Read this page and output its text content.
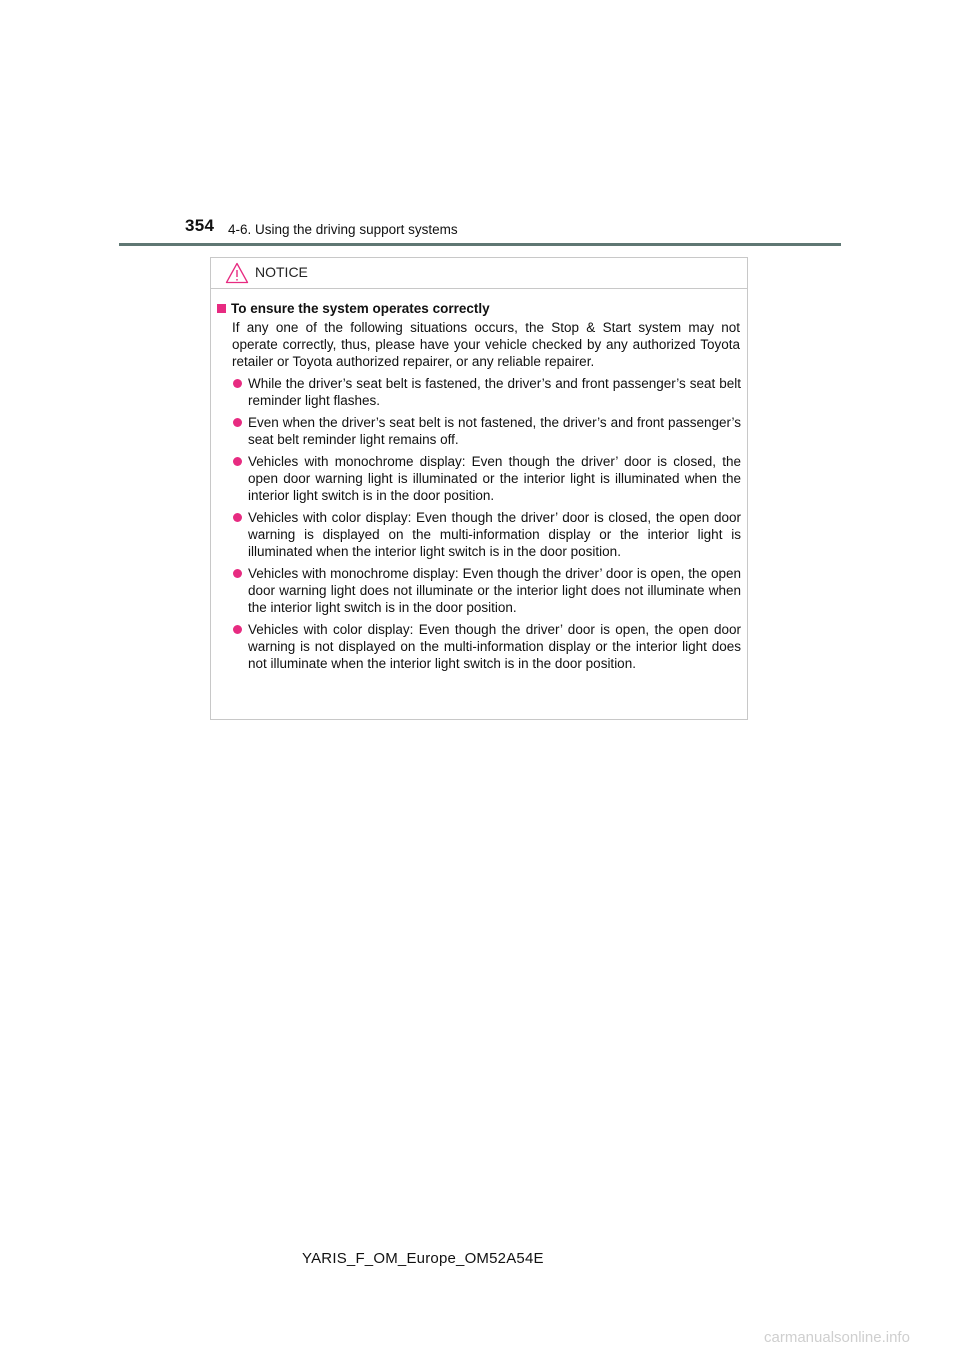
354 4-6. Using the driving support systems
NOTICE
To ensure the system operates correctly
If any one of the following situations occurs, the Stop & Start system may not operate correctly, thus, please have your vehicle checked by any authorized Toyota retailer or Toyota authorized repairer, or any reliable repairer.
While the driver’s seat belt is fastened, the driver’s and front passenger’s seat belt reminder light flashes.
Even when the driver’s seat belt is not fastened, the driver’s and front passenger’s seat belt reminder light remains off.
Vehicles with monochrome display: Even though the driver’ door is closed, the open door warning light is illuminated or the interior light is illuminated when the interior light switch is in the door position.
Vehicles with color display: Even though the driver’ door is closed, the open door warning is displayed on the multi-information display or the interior light is illuminated when the interior light switch is in the door position.
Vehicles with monochrome display: Even though the driver’ door is open, the open door warning light does not illuminate or the interior light does not illuminate when the interior light switch is in the door position.
Vehicles with color display: Even though the driver’ door is open, the open door warning is not displayed on the multi-information display or the interior light does not illuminate when the interior light switch is in the door position.
YARIS_F_OM_Europe_OM52A54E
carmanualsonline.info
